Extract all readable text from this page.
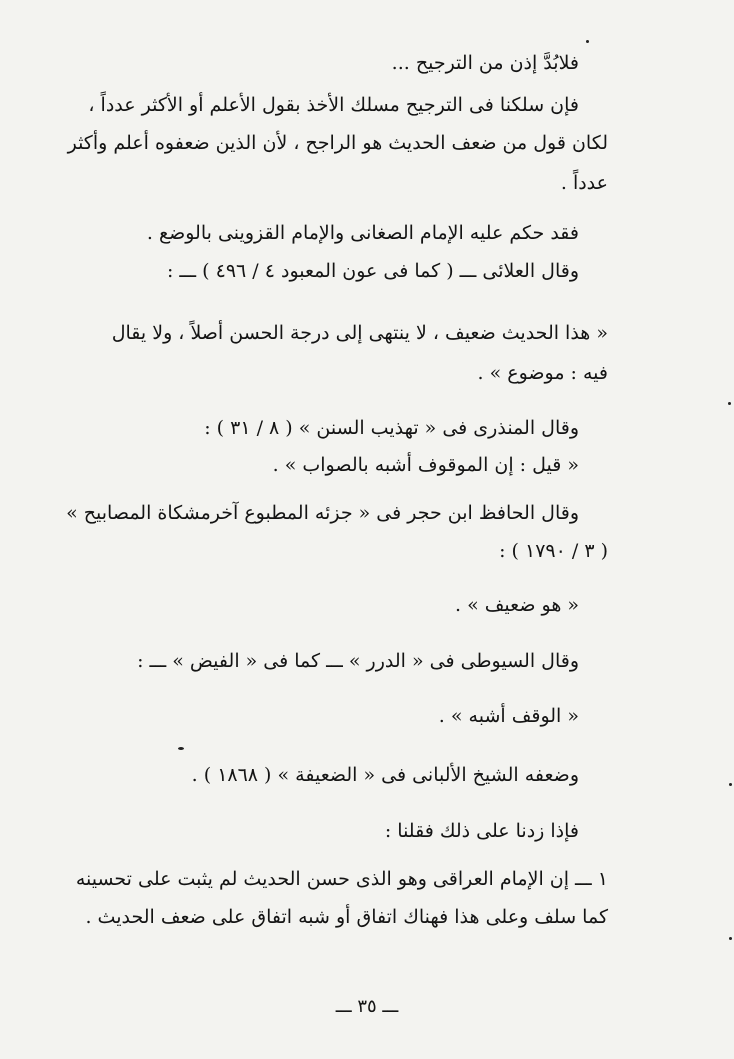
فلابُدَّ إذن من الترجيح ...
فإن سلكنا فى الترجيح مسلك الأخذ بقول الأعلم أو الأكثر عدداً ،
لكان قول من ضعف الحديث هو الراجح ، لأن الذين ضعفوه أعلم وأكثر
عدداً .
فقد حكم عليه الإمام الصغانى والإمام القزوينى بالوضع .
وقال العلائى ـــ ( كما فى عون المعبود ٤ / ٤٩٦ ) ـــ :
« هذا الحديث ضعيف ، لا ينتهى إلى درجة الحسن أصلاً ، ولا يقال
فيه : موضوع » .
وقال المنذرى فى « تهذيب السنن » ( ٨ / ٣١ ) :
« قيل : إن الموقوف أشبه بالصواب » .
وقال الحافظ ابن حجر فى « جزئه المطبوع آخرمشكاة المصابيح »
( ٣ / ١٧٩٠ ) :
« هو ضعيف » .
وقال السيوطى فى « الدرر » ـــ كما فى « الفيض » ـــ :
« الوقف أشبه » .
وضعفه الشيخ الألبانى فى « الضعيفة » ( ١٨٦٨ ) .
فإذا زدنا على ذلك فقلنا :
١ ـــ إن الإمام العراقى وهو الذى حسن الحديث لم يثبت على تحسينه
كما سلف وعلى هذا فهناك اتفاق أو شبه اتفاق على ضعف الحديث .
ـــ ٣٥ ـــ
